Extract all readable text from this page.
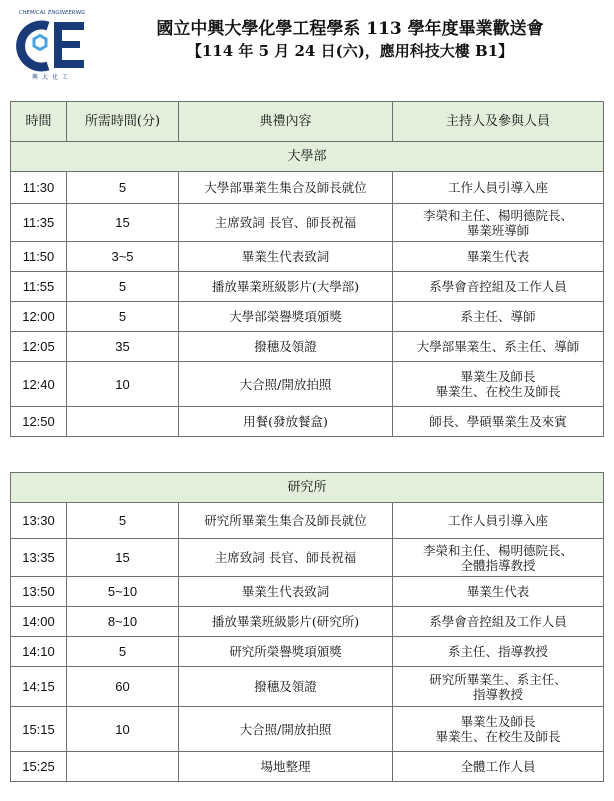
CHEMICAL ENGINEERING
興大化工
國立中興大學化學工程學系 113 學年度畢業歡送會
【114 年 5 月 24 日(六)，應用科技大樓 B1】
時間	所需時間(分)	典禮內容	主持人及參與人員
大學部			
11:30	5	大學部畢業生集合及師長就位	工作人員引導入座
11:35	15	主席致詞 長官、師長祝福	李榮和主任、楊明德院長、
畢業班導師

11:50	3~5	畢業生代表致詞	畢業生代表
11:55	5	播放畢業班級影片(大學部)	系學會音控組及工作人員
12:00	5	大學部榮譽獎項頒獎	系主任、導師
12:05	35	撥穗及領證	大學部畢業生、系主任、導師
12:40	10	大合照/開放拍照	畢業生及師長
畢業生、在校生及師長

12:50		用餐(發放餐盒)	師長、學碩畢業生及來賓
研究所			
13:30	5	研究所畢業生集合及師長就位	工作人員引導入座
13:35	15	主席致詞 長官、師長祝福	李榮和主任、楊明德院長、
全體指導教授

13:50	5~10	畢業生代表致詞	畢業生代表
14:00	8~10	播放畢業班級影片(研究所)	系學會音控組及工作人員
14:10	5	研究所榮譽獎項頒獎	系主任、指導教授
14:15	60	撥穗及領證	研究所畢業生、系主任、
指導教授

15:15	10	大合照/開放拍照	畢業生及師長
畢業生、在校生及師長

15:25		場地整理	全體工作人員
